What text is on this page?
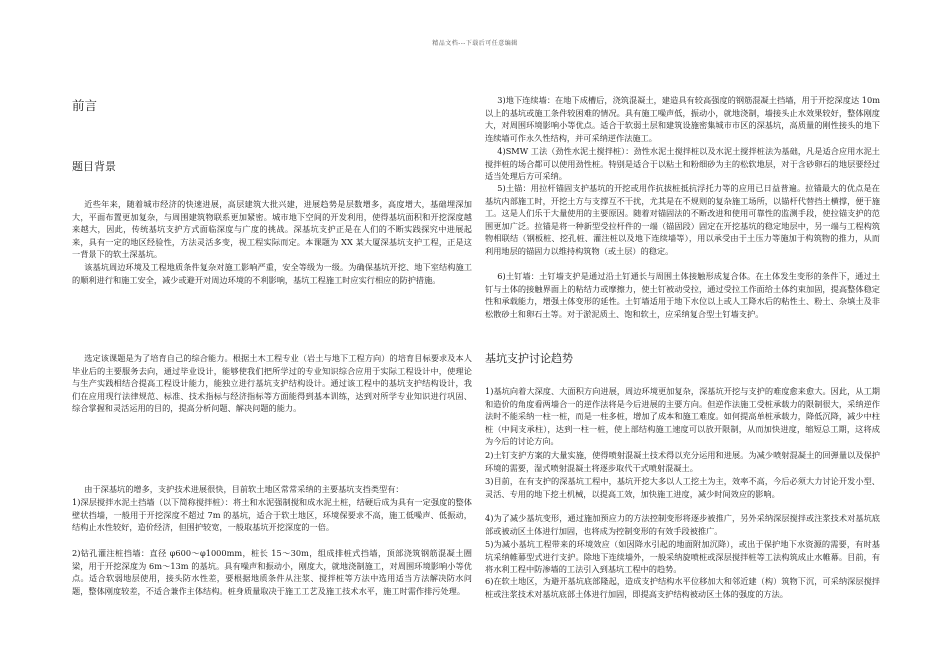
精品文档---下载后可任意编辑
前言
题目背景

近些年来，随着城市经济的快速进展，高层建筑大批兴建，进展趋势是层数增多，高度增大，基础埋深加大，平面布置更加复杂，与周围建筑物联系更加紧密。城市地下空间的开发利用，使得基坑面积和开挖深度越来越大，因此，传统基坑支护方式面临深度与广度的挑战。深基坑支护正是在人们的不断实践探究中进展起来，具有一定的地区经验性，方法灵活多变，视工程实际而定。本课题为 XX 某大厦深基坑支护工程，正是这一背景下的软土深基坑。

该基坑周边环境及工程地质条件复杂对施工影响严重，安全等级为一级。为确保基坑开挖、地下室结构施工的顺利进行和施工安全，减少或避开对周边环境的不利影响，基坑工程施工时应实行相应的防护措施。

选定该课题是为了培育自己的综合能力。根据土木工程专业（岩土与地下工程方向）的培育目标要求及本人毕业后的主要服务去向，通过毕业设计，能够使我们把所学过的专业知识综合应用于实际工程设计中，使理论与生产实践相结合提高工程设计能力，能独立进行基坑支护结构设计。通过该工程中的基坑支护结构设计，我们在应用现行法律规范、标准、技术指标与经济指标等方面能得到基本训练，达到对所学专业知识进行巩固、综合掌握和灵活运用的目的，提高分析问题、解决问题的能力。

由于深基坑的增多，支护技术进展很快，目前软土地区常常采纳的主要基坑支挡类型有：

1)深层搅拌水泥土挡墙（以下简称搅拌桩）：将土和水泥强制搅和成水泥土桩，结硬后成为具有一定强度的整体壁状挡墙，一般用于开挖深度不超过 7m 的基坑，适合于软土地区，环境保要求不高，施工低噪声、低振动，结构止水性较好，造价经济，但围护较宽，一般取基坑开挖深度的一倍。

2)钻孔灌注桩挡墙：直径 φ600～φ1000mm，桩长 15～30m，组成排桩式挡墙，顶部浇筑钢筋混凝土圈梁，用于开挖深度为 6m～13m 的基坑。具有噪声和振动小，刚度大，就地浇制施工，对周围环境影响小等优点。适合软弱地层使用，接头防水性差，要根据地质条件从注浆、搅拌桩等方法中选用适当方法解决防水问题，整体刚度较差，不适合兼作主体结构。桩身质量取决于施工工艺及施工技术水平，施工时需作排污处理。

3)地下连续墙：在地下成槽后，浇筑混凝土，建造具有较高强度的钢筋混凝土挡墙，用于开挖深度达 10m 以上的基坑或施工条件较困难的情况。具有施工噪声低，振动小，就地浇制，墙接头止水效果较好，整体刚度大，对周围环境影响小等优点。适合于软弱土层和建筑设施密集城市市区的深基坑，高质量的刚性接头的地下连续墙可作永久性结构，并可采纳逆作法施工。

4)SMW 工法（劲性水泥土搅拌桩）：劲性水泥土搅拌桩以及水泥土搅拌桩法为基础，凡是适合应用水泥土搅拌桩的场合都可以使用劲性桩。特别是适合于以粘土和粉细砂为主的松软地层，对于含砂卵石的地层要经过适当处理后方可采纳。

5)土锚：用拉杆锚固支护基坑的开挖或用作抗拔桩抵抗浮托力等的应用已日益普遍。拉锚最大的优点是在基坑内部施工时，开挖土方与支撑互不干扰，尤其是在不规则的复杂施工场所，以锚杆代替挡土横撑，便于施工。这是人们乐于大量使用的主要原因。随着对锚固法的不断改进和使用可靠性的监测手段，使拉锚支护的范围更加广泛。拉锚是将一种新型受拉杆件的一端（锚固段）固定在开挖基坑的稳定地层中，另一端与工程构筑物相联结（钢板桩、挖孔桩、灌注桩以及地下连续墙等），用以承受由于土压力等施加于构筑物的推力，从而利用地层的锚固力以维持构筑物（或土层）的稳定。

6)土钉墙：土钉墙支护是通过沿土钉通长与周围土体接触形成复合体。在土体发生变形的条件下，通过土钉与土体的接触界面上的粘结力或摩擦力，使土钉被动受拉，通过受拉工作面给土体约束加固，提高整体稳定性和承载能力，增强土体变形的延性。土钉墙适用于地下水位以上或人工降水后的粘性土、粉土、杂填土及非松散砂土和卵石土等。对于淤泥质土、饱和软土，应采纳复合型土钉墙支护。

基坑支护讨论趋势

1)基坑向着大深度、大面积方向进展，周边环境更加复杂，深基坑开挖与支护的难度愈来愈大。因此，从工期和造价的角度看两墙合一的逆作法将是今后进展的主要方向。但逆作法施工受桩承载力的限制很大，采纳逆作法时不能采纳一柱一桩，而是一柱多桩，增加了成本和施工难度。如何提高单桩承载力，降低沉降，减少中柱桩（中间支承柱），达到一柱一桩，使上部结构施工速度可以放开限制，从而加快进度，缩短总工期，这将成为今后的讨论方向。

2)土钉支护方案的大量实施，使得喷射混凝土技术得以充分运用和进展。为减少喷射混凝土的回弹量以及保护环境的需要，湿式喷射混凝土将逐步取代干式喷射混凝土。

3)目前，在有支护的深基坑工程中，基坑开挖大多以人工挖土为主，效率不高，今后必须大力讨论开发小型、灵活、专用的地下挖土机械，以提高工效，加快施工进度，减少时间效应的影响。

4)为了减少基坑变形，通过施加预应力的方法控制变形将逐步被推广，另外采纳深层搅拌或注浆技术对基坑底部或被动区土体进行加固，也将成为控制变形的有效手段被推广。

5)为减小基坑工程带来的环境效应（如因降水引起的地面附加沉降），或出于保护地下水资源的需要，有时基坑采纳帷幕型式进行支护。除地下连续墙外，一般采纳旋喷桩或深层搅拌桩等工法构筑成止水帷幕。目前，有将水利工程中防渗墙的工法引入到基坑工程中的趋势。

6)在软土地区，为避开基坑底部隆起，造成支护结构水平位移加大和邻近建（构）筑物下沉，可采纳深层搅拌桩或注浆技术对基坑底部土体进行加固，即提高支护结构被动区土体的强度的方法。
